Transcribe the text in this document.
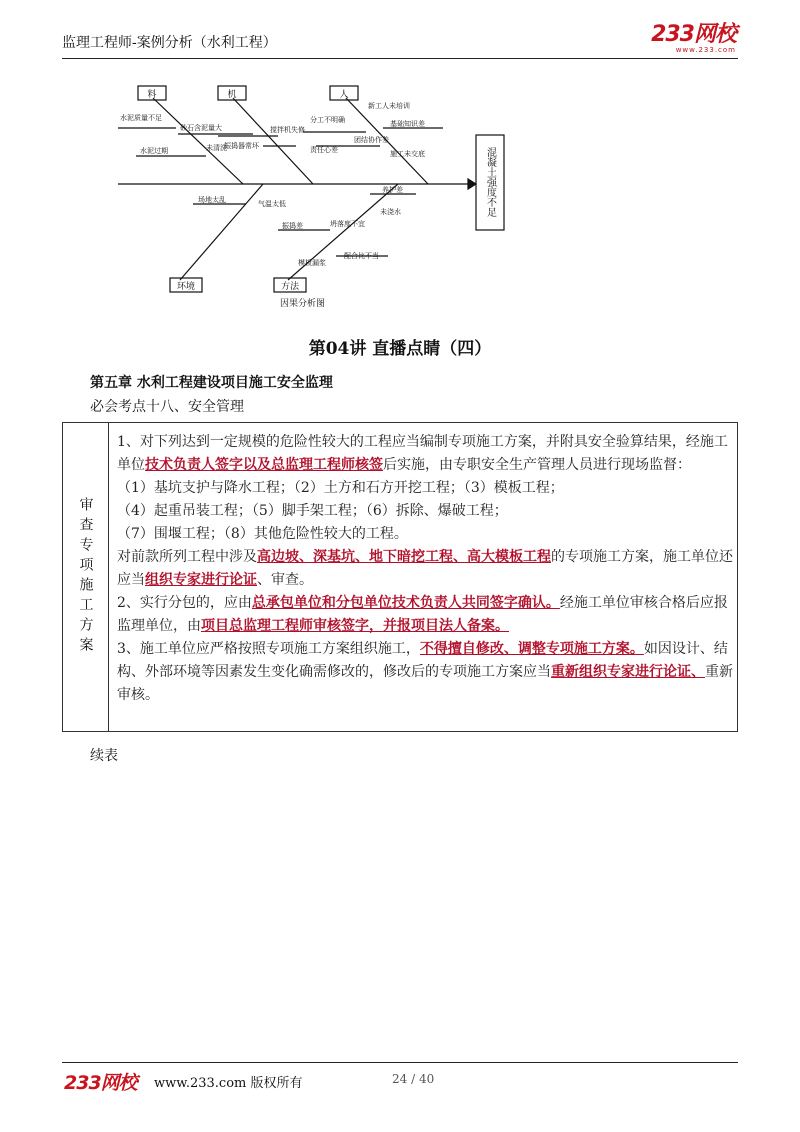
监理工程师-案例分析（水利工程）	233网校
www.233.com
料	机	人
环境	方法
混凝土强度不足
水泥质量不足
砂石含泥量大
未清洗
水泥过期
搅拌机失修
振捣器常坏
分工不明确
新工人未培训
责任心差
基础知识差
团结协作差
施工未交底
场地太乱	气温太低
养护差
未浇水
模板漏浆
振捣差
配合比不当
坍落度不宜
因果分析图
第04讲 直播点睛（四）
第五章 水利工程建设项目施工安全监理
必会考点十八、安全管理
审查专项施工方案

1、对下列达到一定规模的危险性较大的工程应当编制专项施工方案，并附具安全验算结果，经施工单位技术负责人签字以及总监理工程师核签后实施，由专职安全生产管理人员进行现场监督：

（1）基坑支护与降水工程；（2）土方和石方开挖工程；（3）模板工程；

（4）起重吊装工程；（5）脚手架工程；（6）拆除、爆破工程；

（7）围堰工程；（8）其他危险性较大的工程。

对前款所列工程中涉及高边坡、深基坑、地下暗挖工程、高大模板工程的专项施工方案，施工单位还应当组织专家进行论证、审查。

2、实行分包的，应由总承包单位和分包单位技术负责人共同签字确认。经施工单位审核合格后应报监理单位，由项目总监理工程师审核签字，并报项目法人备案。

3、施工单位应严格按照专项施工方案组织施工，不得擅自修改、调整专项施工方案。如因设计、结构、外部环境等因素发生变化确需修改的，修改后的专项施工方案应当重新组织专家进行论证、重新审核。

续表
233网校 www.233.com 版权所有	24 / 40
